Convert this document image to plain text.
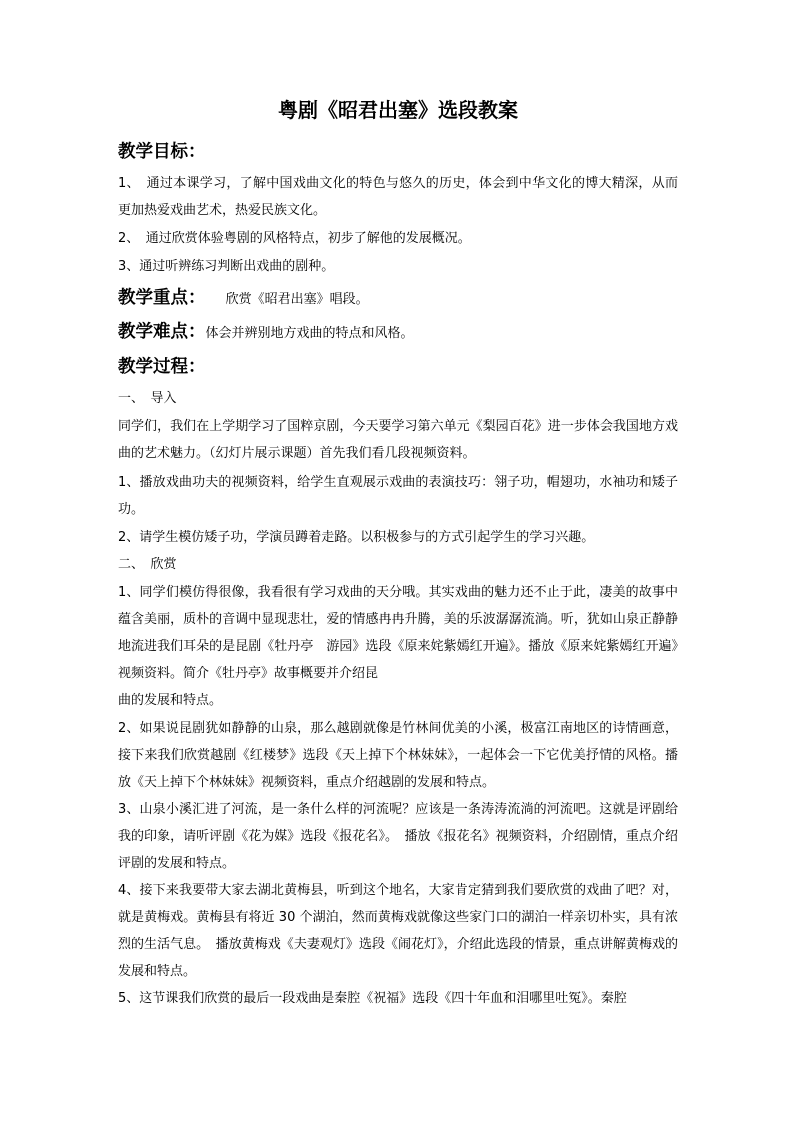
粤剧《昭君出塞》选段教案
教学目标：
1、　通过本课学习，了解中国戏曲文化的特色与悠久的历史，体会到中华文化的博大精深，从而更加热爱戏曲艺术，热爱民族文化。
2、　通过欣赏体验粤剧的风格特点，初步了解他的发展概况。
3、通过听辨练习判断出戏曲的剧种。
教学重点： 欣赏《昭君出塞》唱段。
教学难点：体会并辨别地方戏曲的特点和风格。
教学过程：
一、　导入
同学们，我们在上学期学习了国粹京剧，今天要学习第六单元《梨园百花》进一步体会我国地方戏曲的艺术魅力。（幻灯片展示课题）首先我们看几段视频资料。
1、播放戏曲功夫的视频资料，给学生直观展示戏曲的表演技巧：翎子功，帽翅功，水袖功和矮子功。
2、请学生模仿矮子功，学演员蹲着走路。以积极参与的方式引起学生的学习兴趣。
二、　欣赏
1、同学们模仿得很像，我看很有学习戏曲的天分哦。其实戏曲的魅力还不止于此，凄美的故事中蕴含美丽，质朴的音调中显现悲壮，爱的情感冉冉升腾，美的乐波潺潺流淌。听，犹如山泉正静静地流进我们耳朵的是昆剧《牡丹亭　游园》选段《原来姹紫嫣红开遍》。播放《原来姹紫嫣红开遍》视频资料。简介《牡丹亭》故事概要并介绍昆
曲的发展和特点。
2、如果说昆剧犹如静静的山泉，那么越剧就像是竹林间优美的小溪，极富江南地区的诗情画意，接下来我们欣赏越剧《红楼梦》选段《天上掉下个林妹妹》，一起体会一下它优美抒情的风格。播放《天上掉下个林妹妹》视频资料，重点介绍越剧的发展和特点。
3、山泉小溪汇进了河流，是一条什么样的河流呢？应该是一条涛涛流淌的河流吧。这就是评剧给我的印象，请听评剧《花为媒》选段《报花名》。　播放《报花名》视频资料，介绍剧情，重点介绍评剧的发展和特点。
4、接下来我要带大家去湖北黄梅县，听到这个地名，大家肯定猜到我们要欣赏的戏曲了吧？对，就是黄梅戏。黄梅县有将近 30 个湖泊，然而黄梅戏就像这些家门口的湖泊一样亲切朴实，具有浓烈的生活气息。　播放黄梅戏《夫妻观灯》选段《闹花灯》，介绍此选段的情景，重点讲解黄梅戏的发展和特点。
5、这节课我们欣赏的最后一段戏曲是秦腔《祝福》选段《四十年血和泪哪里吐冤》。秦腔
